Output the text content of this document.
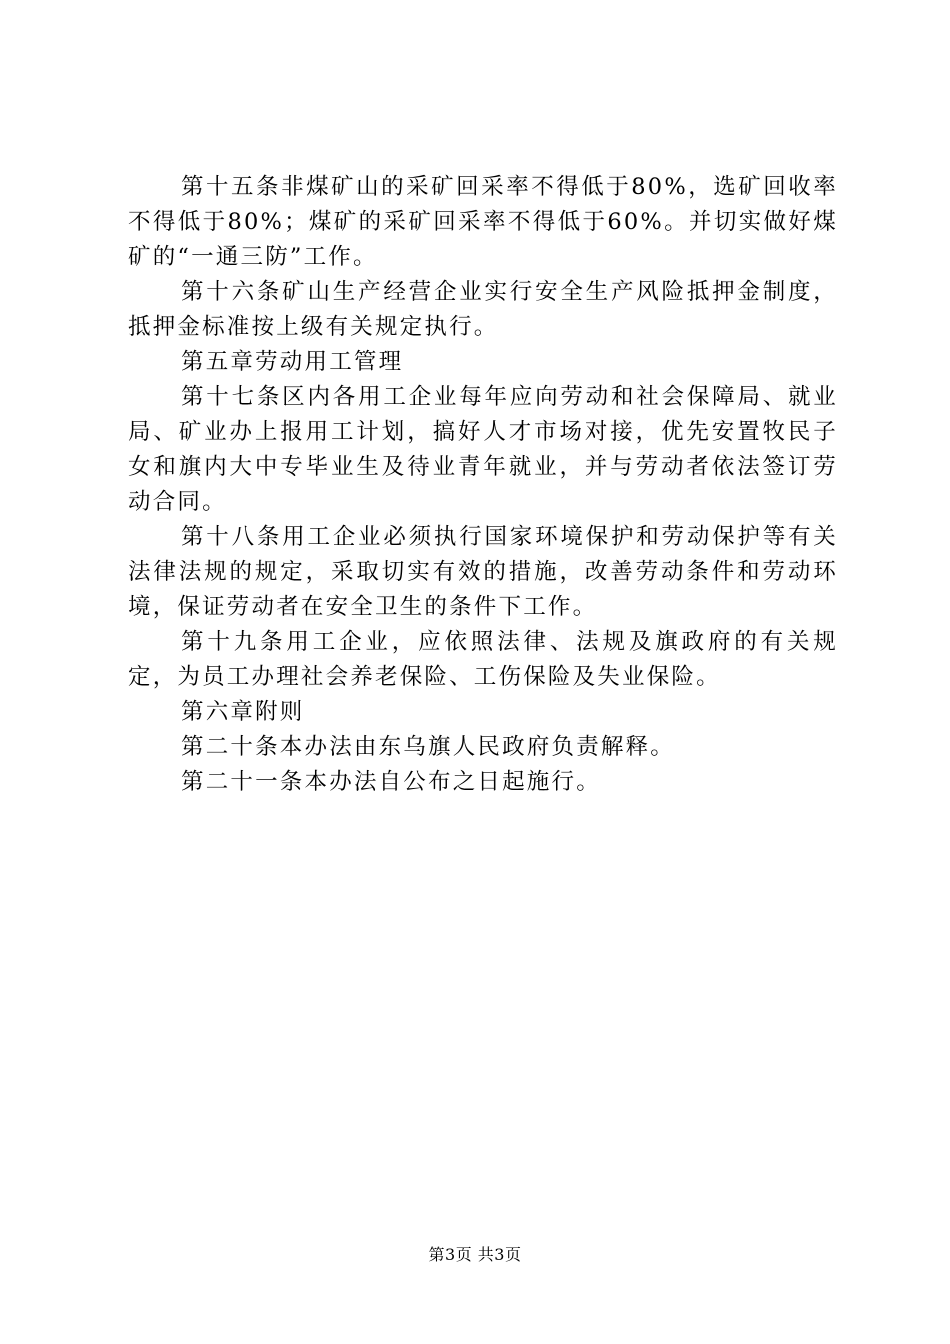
第十五条非煤矿山的采矿回采率不得低于80%，选矿回收率不得低于80%；煤矿的采矿回采率不得低于60%。并切实做好煤矿的“一通三防”工作。

第十六条矿山生产经营企业实行安全生产风险抵押金制度，抵押金标准按上级有关规定执行。

第五章劳动用工管理

第十七条区内各用工企业每年应向劳动和社会保障局、就业局、矿业办上报用工计划，搞好人才市场对接，优先安置牧民子女和旗内大中专毕业生及待业青年就业，并与劳动者依法签订劳动合同。

第十八条用工企业必须执行国家环境保护和劳动保护等有关法律法规的规定，采取切实有效的措施，改善劳动条件和劳动环境，保证劳动者在安全卫生的条件下工作。

第十九条用工企业，应依照法律、法规及旗政府的有关规定，为员工办理社会养老保险、工伤保险及失业保险。

第六章附则

第二十条本办法由东乌旗人民政府负责解释。

第二十一条本办法自公布之日起施行。

第3页 共3页
